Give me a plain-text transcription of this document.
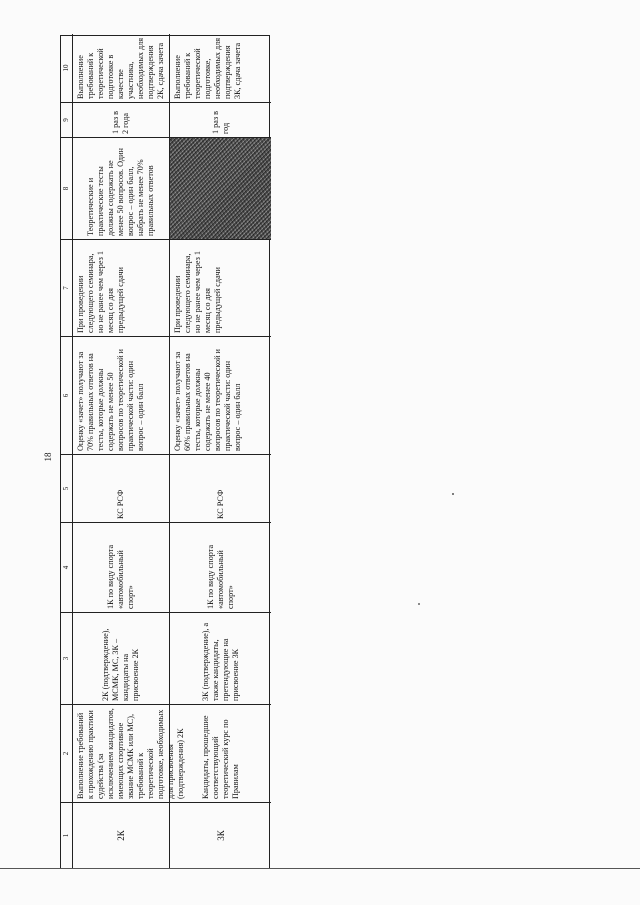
18
1
2
3
4
5
6
7
8
9
10
2К
Выполнение требований к прохождению практики судейства (за исключением кандидатов, имеющих спортивное звание МСМК или МС), требований к теоретической подготовке, необходимых для присвоения (подтверждения) 2К
2К (подтверждение), МСМК, МС, 3К – кандидаты на присвоение 2К
1К по виду спорта «автомобильный спорт»
КС РСФ
Оценку «зачет» получают за 70% правильных ответов на тесты, которые должны содержать не менее 50 вопросов по теоретической и практической части: один вопрос – один балл
При проведении следующего семинара, но не ранее чем через 1 месяц со дня предыдущей сдачи
Теоретические и практические тесты должны содержать не менее 50 вопросов. Один вопрос – один балл, набрать не менее 70% правильных ответов
1 раз в 2 года
Выполнение требований к теоретической подготовке в качестве участника, необходимых для подтверждения 2К, сдача зачета
3К
Кандидаты, прошедшие соответствующий теоретический курс по Правилам
3К (подтверждение), а также кандидаты, претендующие на присвоение 3К
1К по виду спорта «автомобильный спорт»
КС РСФ
Оценку «зачет» получают за 60% правильных ответов на тесты, которые должны содержать не менее 40 вопросов по теоретической и практической части: один вопрос – один балл
При проведении следующего семинара, но не ранее чем через 1 месяц со дня предыдущей сдачи
1 раз в год
Выполнение требований к теоретической подготовке, необходимых для подтверждения 3К, сдача зачета
